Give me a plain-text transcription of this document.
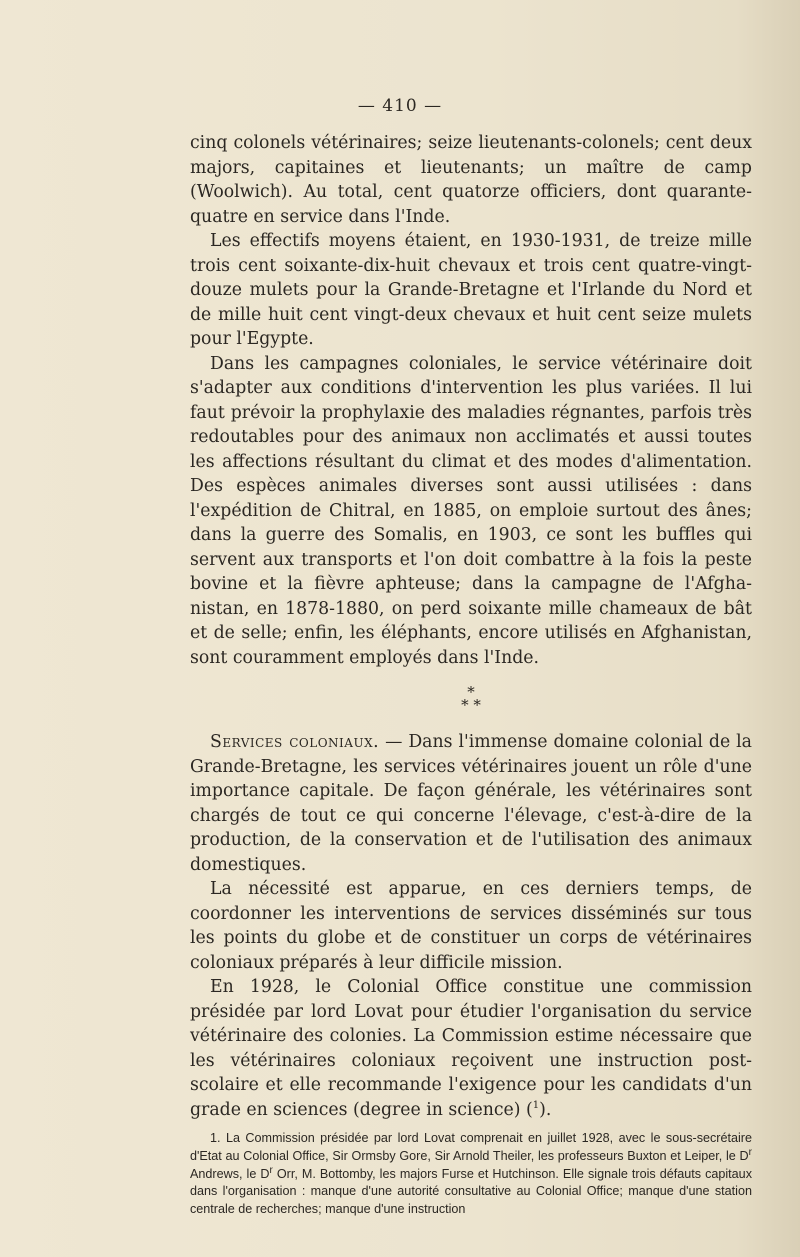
— 410 —

cinq colonels vétérinaires; seize lieutenants-colonels; cent deux majors, capitaines et lieutenants; un maître de camp (Woolwich). Au total, cent quatorze officiers, dont quarante-quatre en service dans l'Inde.

Les effectifs moyens étaient, en 1930-1931, de treize mille trois cent soixante-dix-huit chevaux et trois cent quatre-vingt-douze mulets pour la Grande-Bretagne et l'Irlande du Nord et de mille huit cent vingt-deux chevaux et huit cent seize mulets pour l'Egypte.

Dans les campagnes coloniales, le service vétérinaire doit s'adapter aux conditions d'intervention les plus variées. Il lui faut prévoir la prophylaxie des maladies régnantes, parfois très redoutables pour des animaux non acclimatés et aussi toutes les affections résultant du climat et des modes d'alimentation. Des espèces animales diverses sont aussi utilisées : dans l'expédition de Chitral, en 1885, on emploie surtout des ânes; dans la guerre des Somalis, en 1903, ce sont les buffles qui servent aux transports et l'on doit combattre à la fois la peste bovine et la fièvre aphteuse; dans la campagne de l'Afghanistan, en 1878-1880, on perd soixante mille chameaux de bât et de selle; enfin, les éléphants, encore utilisés en Afghanistan, sont couramment employés dans l'Inde.

*
* *

Services coloniaux. — Dans l'immense domaine colonial de la Grande-Bretagne, les services vétérinaires jouent un rôle d'une importance capitale. De façon générale, les vétérinaires sont chargés de tout ce qui concerne l'élevage, c'est-à-dire de la production, de la conservation et de l'utilisation des animaux domestiques.

La nécessité est apparue, en ces derniers temps, de coordonner les interventions de services disséminés sur tous les points du globe et de constituer un corps de vétérinaires coloniaux préparés à leur difficile mission.

En 1928, le Colonial Office constitue une commission présidée par lord Lovat pour étudier l'organisation du service vétérinaire des colonies. La Commission estime nécessaire que les vétérinaires coloniaux reçoivent une instruction post-scolaire et elle recommande l'exigence pour les candidats d'un grade en sciences (degree in science) ($^1$).

1. La Commission présidée par lord Lovat comprenait en juillet 1928, avec le sous-secrétaire d'Etat au Colonial Office, Sir Ormsby Gore, Sir Arnold Theiler, les professeurs Buxton et Leiper, le $D^r$ Andrews, le $D^r$ Orr, M. Bottomby, les majors Furse et Hutchinson. Elle signale trois défauts capitaux dans l'organisation : manque d'une autorité consultative au Colonial Office; manque d'une station centrale de recherches; manque d'une instruction
